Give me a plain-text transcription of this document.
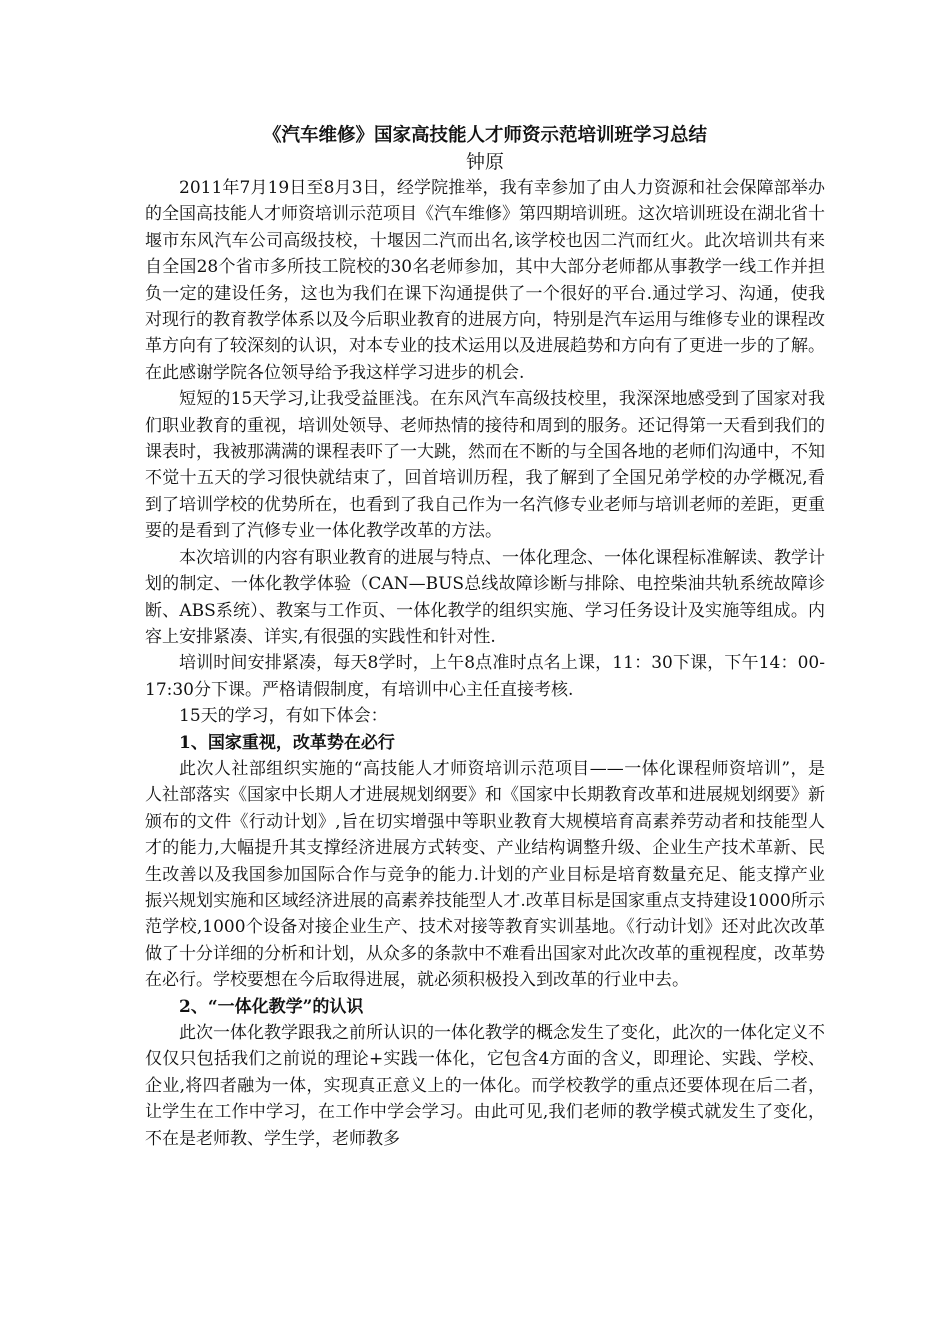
《汽车维修》国家高技能人才师资示范培训班学习总结

钟原

2011年7月19日至8月3日，经学院推举，我有幸参加了由人力资源和社会保障部举办的全国高技能人才师资培训示范项目《汽车维修》第四期培训班。这次培训班设在湖北省十堰市东风汽车公司高级技校，十堰因二汽而出名,该学校也因二汽而红火。此次培训共有来自全国28个省市多所技工院校的30名老师参加，其中大部分老师都从事教学一线工作并担负一定的建设任务，这也为我们在课下沟通提供了一个很好的平台.通过学习、沟通，使我对现行的教育教学体系以及今后职业教育的进展方向，特别是汽车运用与维修专业的课程改革方向有了较深刻的认识，对本专业的技术运用以及进展趋势和方向有了更进一步的了解。在此感谢学院各位领导给予我这样学习进步的机会.

短短的15天学习,让我受益匪浅。在东风汽车高级技校里，我深深地感受到了国家对我们职业教育的重视，培训处领导、老师热情的接待和周到的服务。还记得第一天看到我们的课表时，我被那满满的课程表吓了一大跳，然而在不断的与全国各地的老师们沟通中，不知不觉十五天的学习很快就结束了，回首培训历程，我了解到了全国兄弟学校的办学概况,看到了培训学校的优势所在，也看到了我自己作为一名汽修专业老师与培训老师的差距，更重要的是看到了汽修专业一体化教学改革的方法。

本次培训的内容有职业教育的进展与特点、一体化理念、一体化课程标准解读、教学计划的制定、一体化教学体验（CAN—BUS总线故障诊断与排除、电控柴油共轨系统故障诊断、ABS系统）、教案与工作页、一体化教学的组织实施、学习任务设计及实施等组成。内容上安排紧凑、详实,有很强的实践性和针对性.

培训时间安排紧凑，每天8学时，上午8点准时点名上课，11：30下课，下午14：00-17:30分下课。严格请假制度，有培训中心主任直接考核.

15天的学习，有如下体会：

1、国家重视，改革势在必行

此次人社部组织实施的“高技能人才师资培训示范项目——一体化课程师资培训”，是人社部落实《国家中长期人才进展规划纲要》和《国家中长期教育改革和进展规划纲要》新颁布的文件《行动计划》,旨在切实增强中等职业教育大规模培育高素养劳动者和技能型人才的能力,大幅提升其支撑经济进展方式转变、产业结构调整升级、企业生产技术革新、民生改善以及我国参加国际合作与竞争的能力.计划的产业目标是培育数量充足、能支撑产业振兴规划实施和区域经济进展的高素养技能型人才.改革目标是国家重点支持建设1000所示范学校,1000个设备对接企业生产、技术对接等教育实训基地。《行动计划》还对此次改革做了十分详细的分析和计划，从众多的条款中不难看出国家对此次改革的重视程度，改革势在必行。学校要想在今后取得进展，就必须积极投入到改革的行业中去。

2、“一体化教学”的认识

此次一体化教学跟我之前所认识的一体化教学的概念发生了变化，此次的一体化定义不仅仅只包括我们之前说的理论+实践一体化，它包含4方面的含义，即理论、实践、学校、企业,将四者融为一体，实现真正意义上的一体化。而学校教学的重点还要体现在后二者，让学生在工作中学习，在工作中学会学习。由此可见,我们老师的教学模式就发生了变化，不在是老师教、学生学，老师教多
